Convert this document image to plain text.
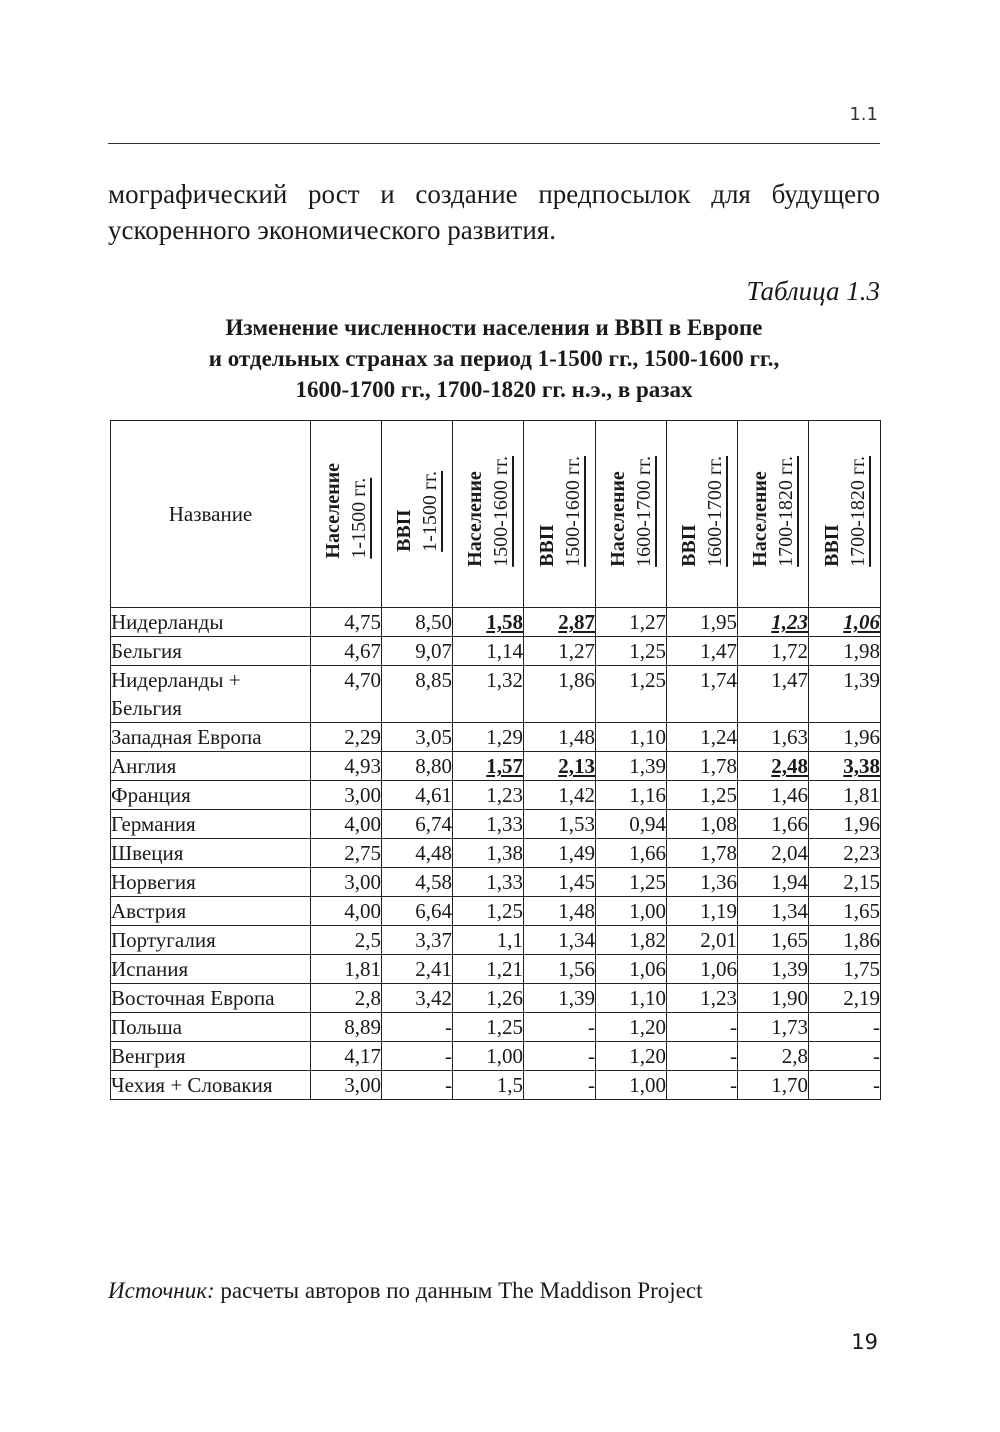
1.1
мографический рост и создание предпосылок для будущего ускоренного экономического развития.
Таблица 1.3
Изменение численности населения и ВВП в Европе
и отдельных странах за период 1-1500 гг., 1500-1600 гг.,
1600-1700 гг., 1700-1820 гг. н.э., в разах
Название	Население 1-1500 гг.	ВВП 1-1500 гг.	Население 1500-1600 гг.	ВВП 1500-1600 гг.	Население 1600-1700 гг.	ВВП 1600-1700 гг.	Население 1700-1820 гг.	ВВП 1700-1820 гг.
Нидерланды	4,75	8,50	1,58	2,87	1,27	1,95	1,23	1,06
Бельгия	4,67	9,07	1,14	1,27	1,25	1,47	1,72	1,98
Нидерланды + Бельгия	4,70	8,85	1,32	1,86	1,25	1,74	1,47	1,39
Западная Европа	2,29	3,05	1,29	1,48	1,10	1,24	1,63	1,96
Англия	4,93	8,80	1,57	2,13	1,39	1,78	2,48	3,38
Франция	3,00	4,61	1,23	1,42	1,16	1,25	1,46	1,81
Германия	4,00	6,74	1,33	1,53	0,94	1,08	1,66	1,96
Швеция	2,75	4,48	1,38	1,49	1,66	1,78	2,04	2,23
Норвегия	3,00	4,58	1,33	1,45	1,25	1,36	1,94	2,15
Австрия	4,00	6,64	1,25	1,48	1,00	1,19	1,34	1,65
Португалия	2,5	3,37	1,1	1,34	1,82	2,01	1,65	1,86
Испания	1,81	2,41	1,21	1,56	1,06	1,06	1,39	1,75
Восточная Европа	2,8	3,42	1,26	1,39	1,10	1,23	1,90	2,19
Польша	8,89	-	1,25	-	1,20	-	1,73	-
Венгрия	4,17	-	1,00	-	1,20	-	2,8	-
Чехия + Словакия	3,00	-	1,5	-	1,00	-	1,70	-
Источник: расчеты авторов по данным The Maddison Project
19
